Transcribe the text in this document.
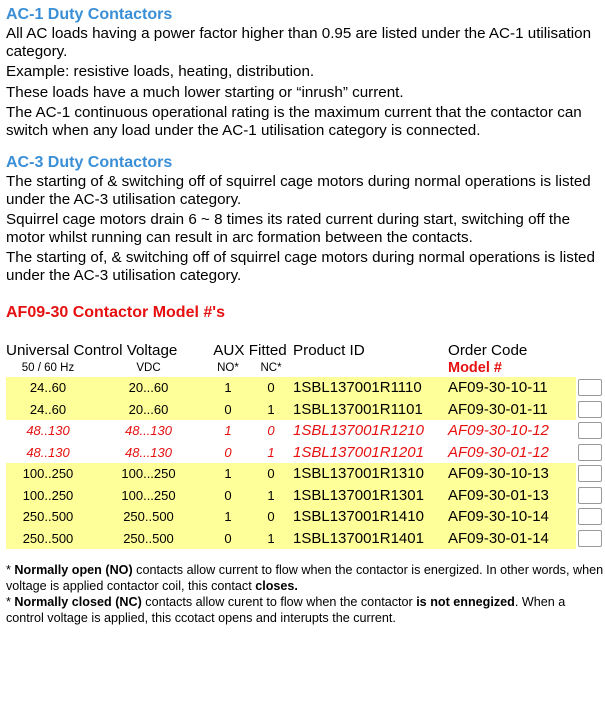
AC-1 Duty Contactors

All AC loads having a power factor higher than 0.95 are listed under the AC-1 utilisation category.

Example: resistive loads, heating, distribution.

These loads have a much lower starting or “inrush” current.

The AC-1 continuous operational rating is the maximum current that the contactor can switch when any load under the AC-1 utilisation category is connected.

AC-3 Duty Contactors

The starting of & switching off of squirrel cage motors during normal operations is listed under the AC-3 utilisation category.

Squirrel cage motors drain 6 ~ 8 times its rated current during start, switching off the motor whilst running can result in arc formation between the contacts.

The starting of, & switching off of squirrel cage motors during normal operations is listed under the AC-3 utilisation category.

AF09-30 Contactor Model #'s
Universal Control Voltage		AUX Fitted		Product ID	Order Code	
50 / 60 Hz	VDC	NO*	NC*		Model #	
24..60	20...60	1	0	1SBL137001R1110	AF09-30-10-11	
24..60	20...60	0	1	1SBL137001R1101	AF09-30-01-11	
48..130	48...130	1	0	1SBL137001R1210	AF09-30-10-12	
48..130	48...130	0	1	1SBL137001R1201	AF09-30-01-12	
100..250	100...250	1	0	1SBL137001R1310	AF09-30-10-13	
100..250	100...250	0	1	1SBL137001R1301	AF09-30-01-13	
250..500	250..500	1	0	1SBL137001R1410	AF09-30-10-14	
250..500	250..500	0	1	1SBL137001R1401	AF09-30-01-14	

* Normally open (NO) contacts allow current to flow when the contactor is energized. In other words, when voltage is applied contactor coil, this contact closes.

* Normally closed (NC) contacts allow curent to flow when the contactor is not ennegized. When a control voltage is applied, this ccotact opens and interupts the current.
